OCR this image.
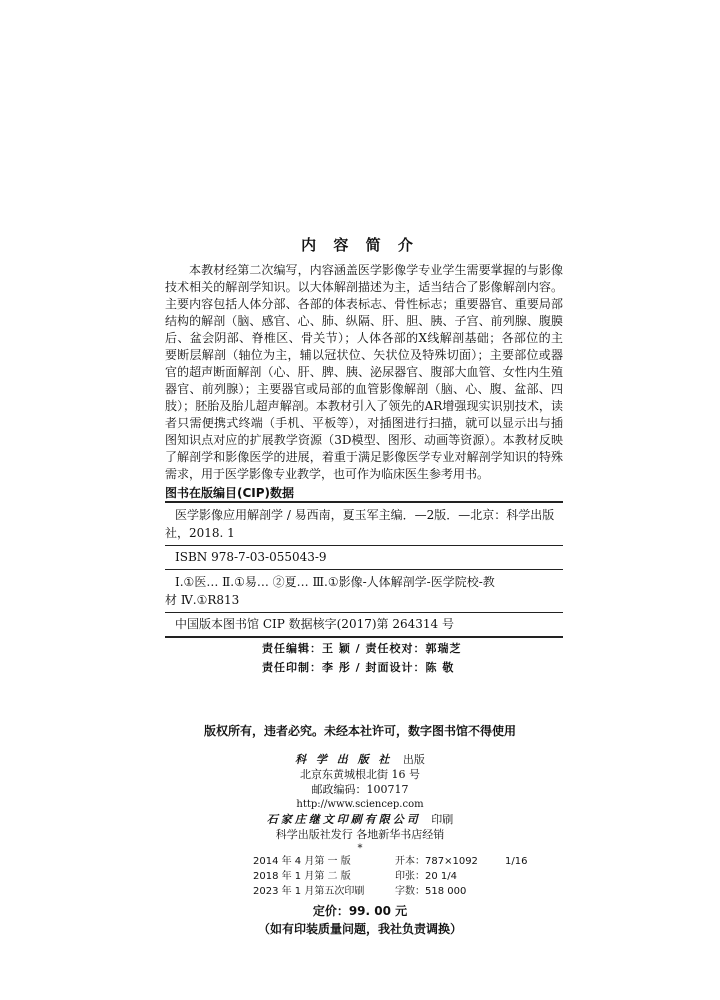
内 容 简 介

本教材经第二次编写，内容涵盖医学影像学专业学生需要掌握的与影像技术相关的解剖学知识。以大体解剖描述为主，适当结合了影像解剖内容。主要内容包括人体分部、各部的体表标志、骨性标志；重要器官、重要局部结构的解剖（脑、感官、心、肺、纵隔、肝、胆、胰、子宫、前列腺、腹膜后、盆会阴部、脊椎区、骨关节）；人体各部的X线解剖基础；各部位的主要断层解剖（轴位为主，辅以冠状位、矢状位及特殊切面）；主要部位或器官的超声断面解剖（心、肝、脾、胰、泌尿器官、腹部大血管、女性内生殖器官、前列腺）；主要器官或局部的血管影像解剖（脑、心、腹、盆部、四肢）；胚胎及胎儿超声解剖。本教材引入了领先的AR增强现实识别技术，读者只需便携式终端（手机、平板等），对插图进行扫描，就可以显示出与插图知识点对应的扩展教学资源（3D模型、图形、动画等资源）。本教材反映了解剖学和影像医学的进展，着重于满足影像医学专业对解剖学知识的特殊需求，用于医学影像专业教学，也可作为临床医生参考用书。

图书在版编目(CIP)数据
医学影像应用解剖学 / 易西南，夏玉军主编．—2版．—北京：科学出版
社，2018. 1
ISBN 978-7-03-055043-9
Ⅰ.①医… Ⅱ.①易… ②夏… Ⅲ.①影像-人体解剖学-医学院校-教
材 Ⅳ.①R813
中国版本图书馆 CIP 数据核字(2017)第 264314 号
责任编辑：王 颖 / 责任校对：郭瑞芝
责任印制：李 彤 / 封面设计：陈 敬
版权所有，违者必究。未经本社许可，数字图书馆不得使用
科 学 出 版 社 出版
北京东黄城根北街 16 号
邮政编码：100717
http://www.sciencep.com
石家庄继文印刷有限公司 印刷
科学出版社发行 各地新华书店经销
*
2014 年 4 月第 一 版	开本：787×1092	1/16
2018 年 1 月第 二 版	印张：20 1/4
2023 年 1 月第五次印刷	字数：518 000
定价：99. 00 元
（如有印装质量问题，我社负责调换）
